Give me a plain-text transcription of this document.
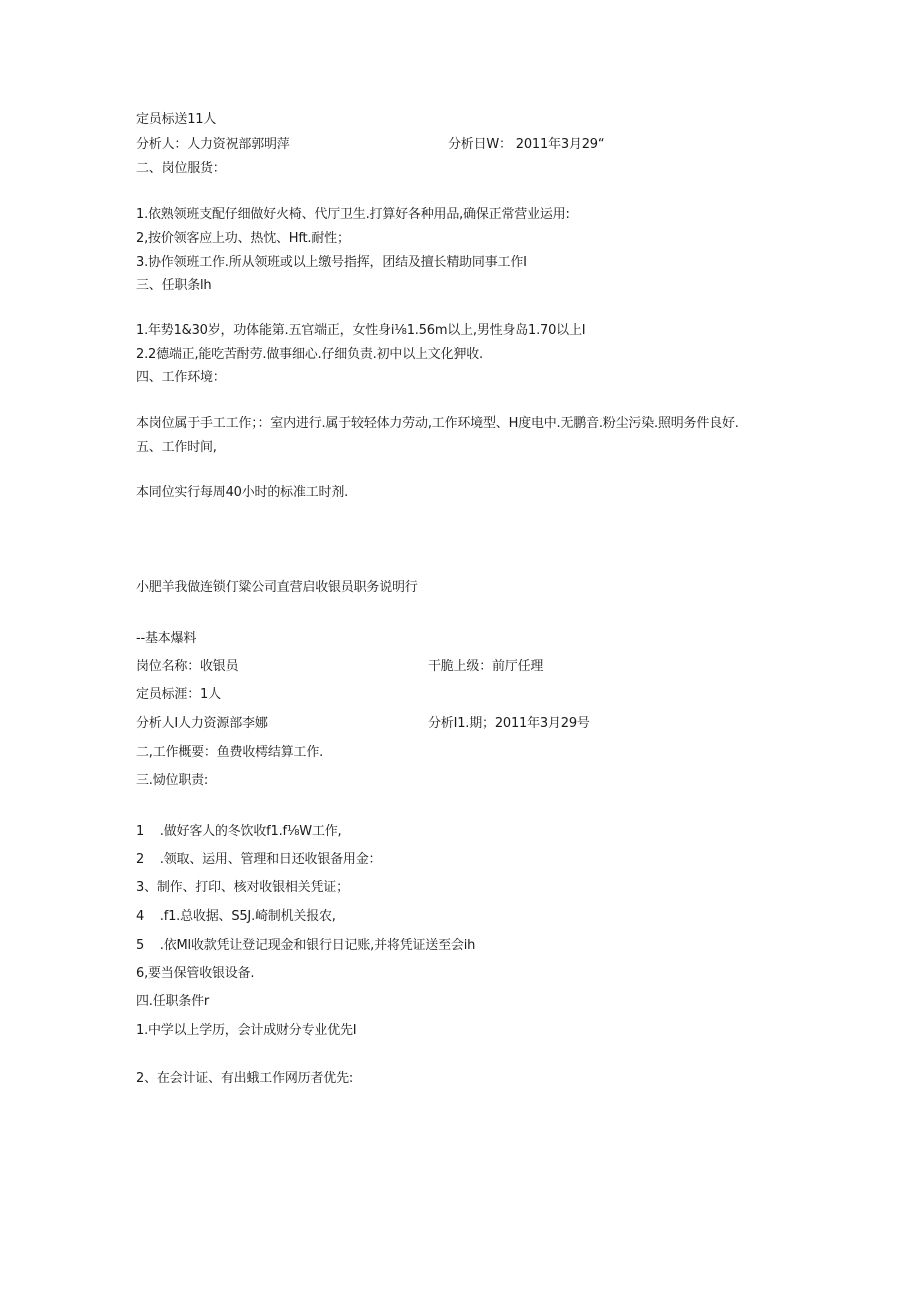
定员标送11人
分析人：人力资祝部郭明萍	分析日W： 2011年3月29“
二、岗位服货：
1.依熟领班支配仔细做好火椅、代厅卫生.打算好各种用品,确保正常营业运用:
2,按价领客应上功、热忱、Hft.耐性；
3.协作领班工作.所从领班或以上缴号指挥，团结及擅长精助同事工作I
三、任职条lh
1.年势1&30岁，功体能第.五官端正，女性身i⅛1.56m以上,男性身岛1.70以上I
2.2德端正,能吃苦酎劳.做事细心.仔细负责.初中以上文化狎收.
四、工作环境：
本岗位属于手工工作；：室内进行.属于较轻体力劳动,工作环境型、H度电中.无鹏音.粉尘污染.照明务件良好.
五、工作时间,
本同位实行每周40小时的标准工时剂.
小肥羊我做连锁仃粱公司直营启收银员职务说明行
--基本爆料
岗位名称：收银员	干脆上级：前厅任理
定员标涯：1人
分析人I人力资源部李娜	分析I1.期；2011年3月29号
二,工作概要：鱼费收樗结算工作.
三.恸位职责:
1    .做好客人的冬饮收f1.f⅛W工作,
2    .领取、运用、管理和日还收银备用金：
3、制作、打印、核对收银相关凭证；
4    .f1.总收据、S5J.崎制机关报农,
5    .依Ml收款凭让登记现金和银行日记账,并将凭证送至会ih
6,要当保管收银设备.
四.任职条件r
1.中学以上学历，会计成财分专业优先I
2、在会计证、有出蛾工作网历者优先:
